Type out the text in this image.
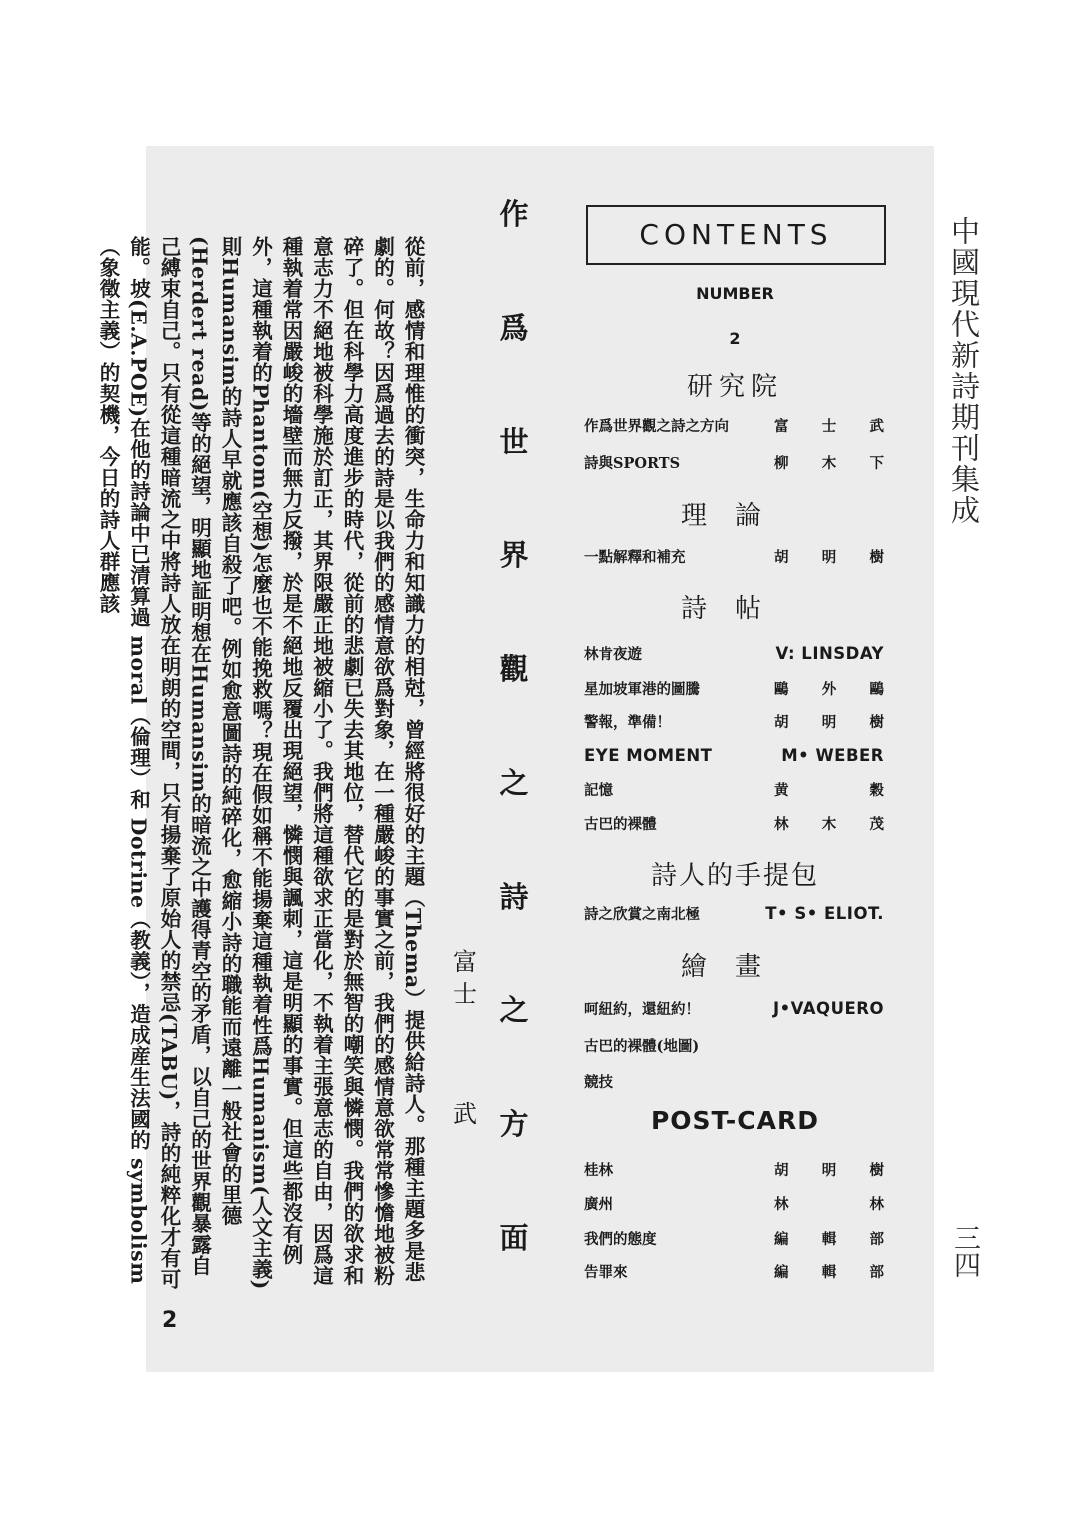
中國現代新詩期刊集成
三四

從前，感情和理惟的衝突，生命力和知識力的相尅，曾經將很好的主題（Thema）提供給詩人。那種主題多是悲劇的。何故？因爲過去的詩是以我們的感情意欲爲對象，在一種嚴峻的事實之前，我們的感情意欲常常慘憺地被粉碎了。但在科學力高度進步的時代，從前的悲劇已失去其地位，替代它的是對於無智的嘲笑與憐憫。我們的欲求和意志力不絕地被科學施於訂正，其界限嚴正地被縮小了。我們將這種欲求正當化，不執着主張意志的自由，因爲這種執着常因嚴峻的墻壁而無力反撥，於是不絕地反覆出現絕望，憐憫與諷刺，這是明顯的事實。但這些都沒有例外，這種執着的Phantom(空想)怎麼也不能挽救嗎？現在假如稱不能揚棄這種執着性爲Humanism(人文主義)則Humansim的詩人早就應該自殺了吧。例如愈意圖詩的純碎化，愈縮小詩的職能而遠離一般社會的里德(Herdert read)等的絕望，明顯地証明想在Humansim的暗流之中護得青空的矛盾，以自己的世界觀暴露自己縛束自己。只有從這種暗流之中將詩人放在明朗的空間，只有揚棄了原始人的禁忌(TABU)，詩的純粹化才有可能。坡(E.A.POE)在他的詩論中已清算過 moral（倫理）和 Dotrine（教義），造成産生法國的 symbolism（象徵主義）的契機，今日的詩人群應該

2
作
爲
世
界
觀
之
詩
之
方
面
富
士
武
CONTENTS
NUMBER
2
研究院
作爲世界觀之詩之方向	富 士 武
詩與SPORTS	柳 木 下
理論
一點解釋和補充	胡 明 樹
詩帖
林肯夜遊	V: LINSDAY
星加坡軍港的圖騰	鷗 外 鷗
警報，準備！	胡 明 樹
EYE MOMENT	M• WEBER
記憶	黄	穀
古巴的裸體	林 木 茂
詩人的手提包
詩之欣賞之南北極	T• S• ELIOT.
繪畫
呵紐約，還紐約！	J•VAQUERO
古巴的裸體(地圖)
競技
POST-CARD
桂林	胡 明 樹
廣州	林	林
我們的態度	編 輯 部
告罪來	編 輯 部
